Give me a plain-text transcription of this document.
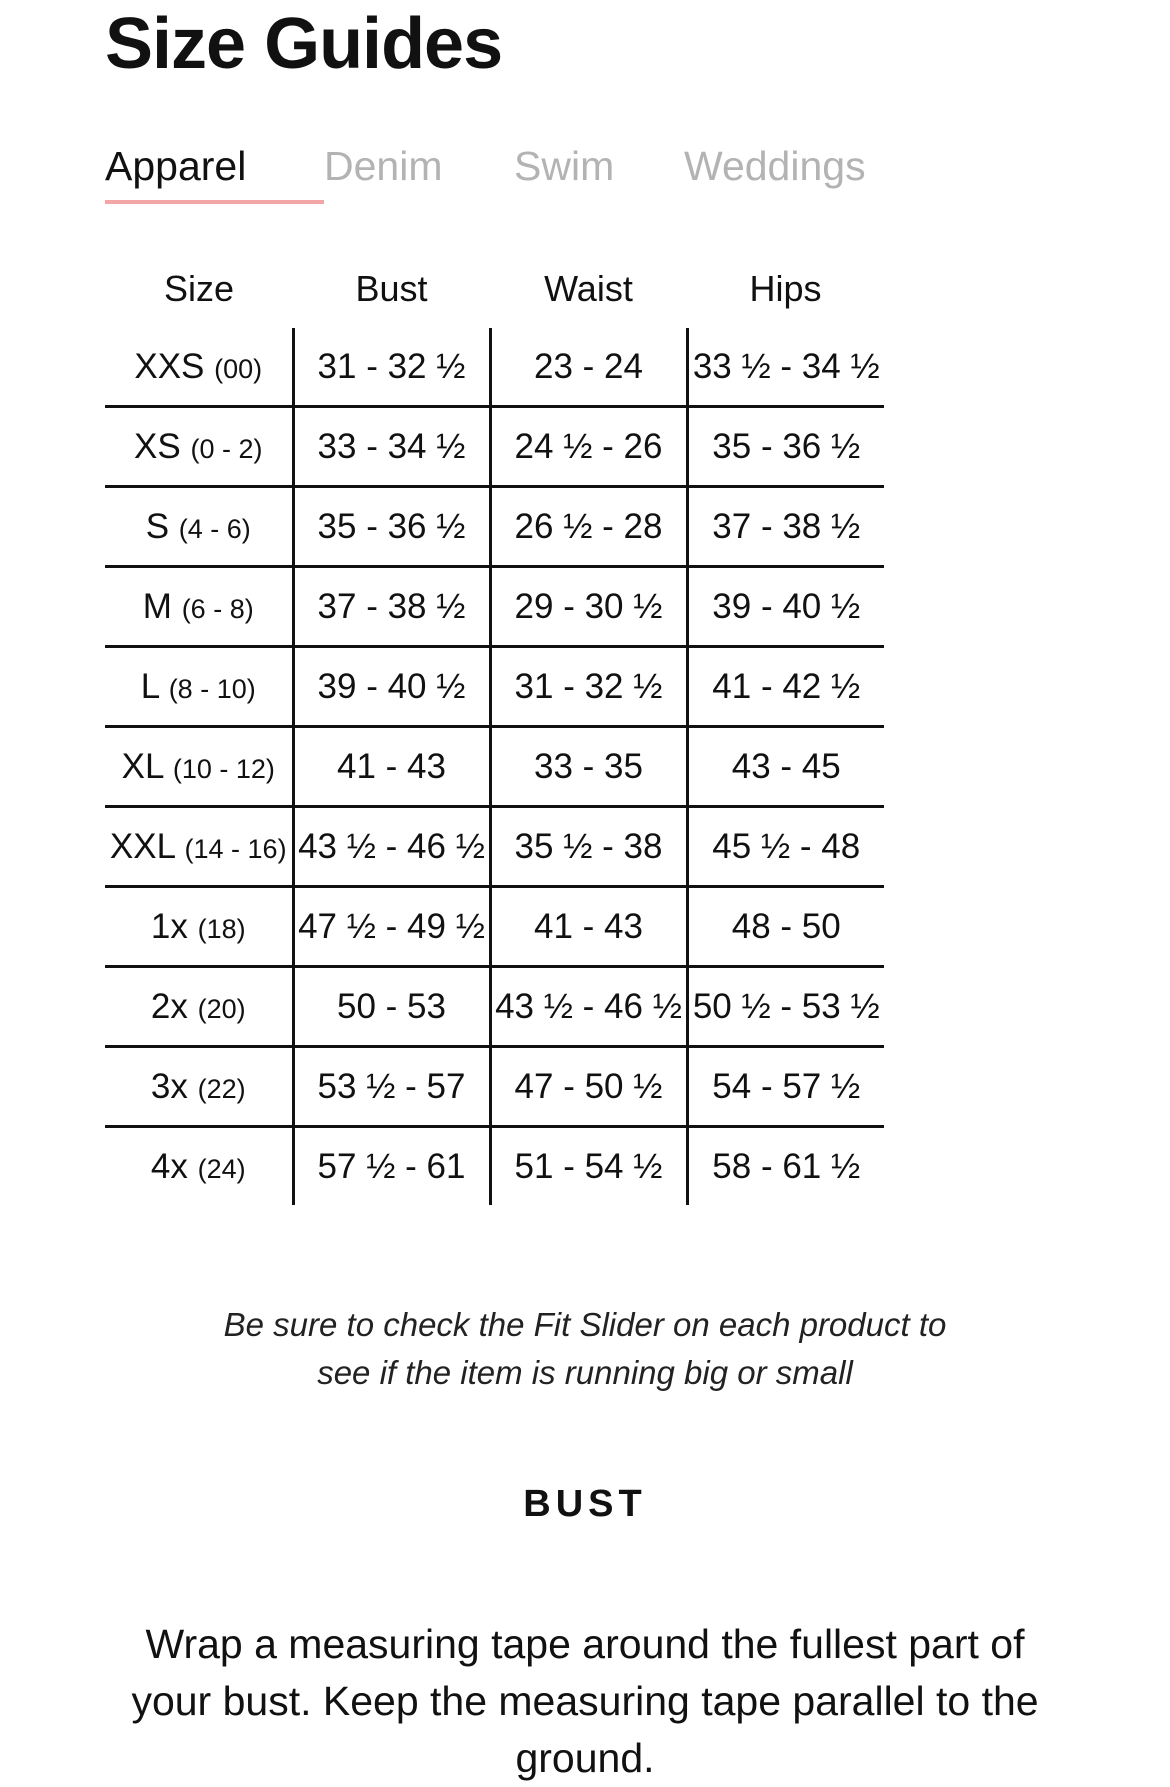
Size Guides
Apparel	Denim	Swim	Weddings
Size	Bust	Waist	Hips
XXS (00)	31 - 32 ½	23 - 24	33 ½ - 34 ½
XS (0 - 2)	33 - 34 ½	24 ½ - 26	35 - 36 ½
S (4 - 6)	35 - 36 ½	26 ½ - 28	37 - 38 ½
M (6 - 8)	37 - 38 ½	29 - 30 ½	39 - 40 ½
L (8 - 10)	39 - 40 ½	31 - 32 ½	41 - 42 ½
XL (10 - 12)	41 - 43	33 - 35	43 - 45
XXL (14 - 16)	43 ½ - 46 ½	35 ½ - 38	45 ½ - 48
1x (18)	47 ½ - 49 ½	41 - 43	48 - 50
2x (20)	50 - 53	43 ½ - 46 ½	50 ½ - 53 ½
3x (22)	53 ½ - 57	47 - 50 ½	54 - 57 ½
4x (24)	57 ½ - 61	51 - 54 ½	58 - 61 ½

Be sure to check the Fit Slider on each product to see if the item is running big or small

BUST

Wrap a measuring tape around the fullest part of your bust. Keep the measuring tape parallel to the ground.
